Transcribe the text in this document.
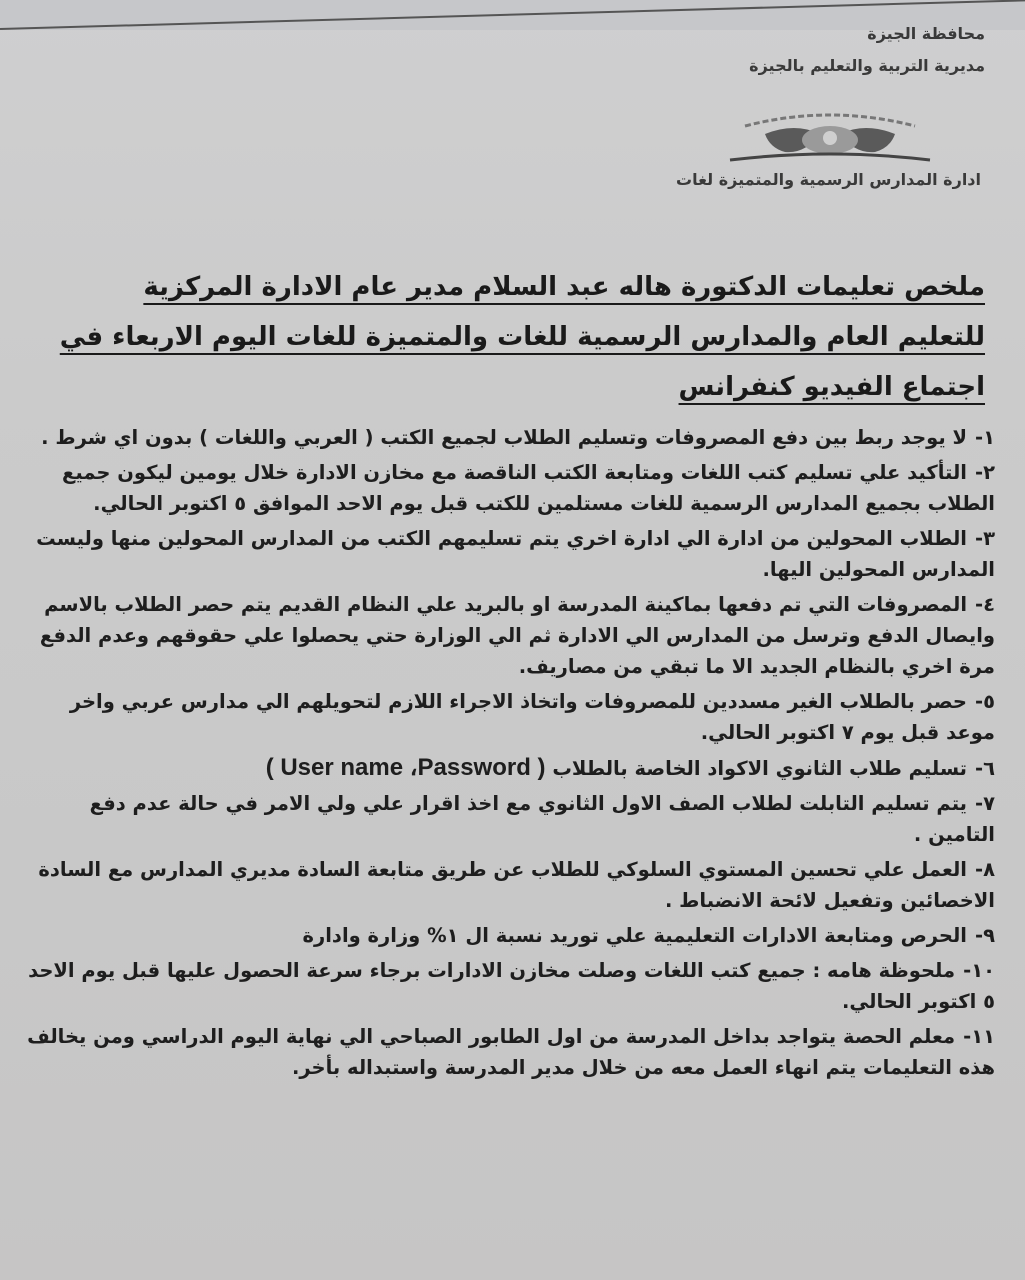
محافظة الجيزة
مديرية التربية والتعليم بالجيزة
ادارة المدارس الرسمية والمتميزة لغات
ملخص تعليمات الدكتورة هاله عبد السلام مدير عام الادارة المركزية
للتعليم العام والمدارس الرسمية للغات والمتميزة للغات اليوم الاربعاء في
اجتماع الفيديو كنفرانس
١-لا يوجد ربط بين دفع المصروفات وتسليم الطلاب لجميع الكتب ( العربي واللغات ) بدون اي شرط .
٢-التأكيد علي تسليم كتب اللغات ومتابعة الكتب الناقصة مع مخازن الادارة خلال يومين ليكون جميع الطلاب بجميع المدارس الرسمية للغات مستلمين للكتب قبل يوم الاحد الموافق ٥ اكتوبر الحالي.
٣-الطلاب المحولين من ادارة الي ادارة اخري يتم تسليمهم الكتب من المدارس المحولين منها وليست المدارس المحولين اليها.
٤-المصروفات التي تم دفعها بماكينة المدرسة او بالبريد علي النظام القديم يتم حصر الطلاب بالاسم وايصال الدفع وترسل من المدارس الي الادارة ثم الي الوزارة حتي يحصلوا علي حقوقهم وعدم الدفع مرة اخري بالنظام الجديد الا ما تبقي من مصاريف.
٥-حصر بالطلاب الغير مسددين للمصروفات واتخاذ الاجراء اللازم لتحويلهم الي مدارس عربي واخر موعد قبل يوم ٧ اكتوبر الحالي.
٦-تسليم طلاب الثانوي الاكواد الخاصة بالطلاب ( User name ،Password )
٧-يتم تسليم التابلت لطلاب الصف الاول الثانوي مع اخذ اقرار علي ولي الامر في حالة عدم دفع التامين .
٨-العمل علي تحسين المستوي السلوكي للطلاب عن طريق متابعة السادة مديري المدارس مع السادة الاخصائين وتفعيل لائحة الانضباط .
٩-الحرص ومتابعة الادارات التعليمية علي توريد نسبة ال ١% وزارة وادارة
١٠-ملحوظة هامه : جميع كتب اللغات وصلت مخازن الادارات برجاء سرعة الحصول عليها قبل يوم الاحد ٥ اكتوبر الحالي.
١١-معلم الحصة يتواجد بداخل المدرسة من اول الطابور الصباحي الي نهاية اليوم الدراسي ومن يخالف هذه التعليمات يتم انهاء العمل معه من خلال مدير المدرسة واستبداله بأخر.
